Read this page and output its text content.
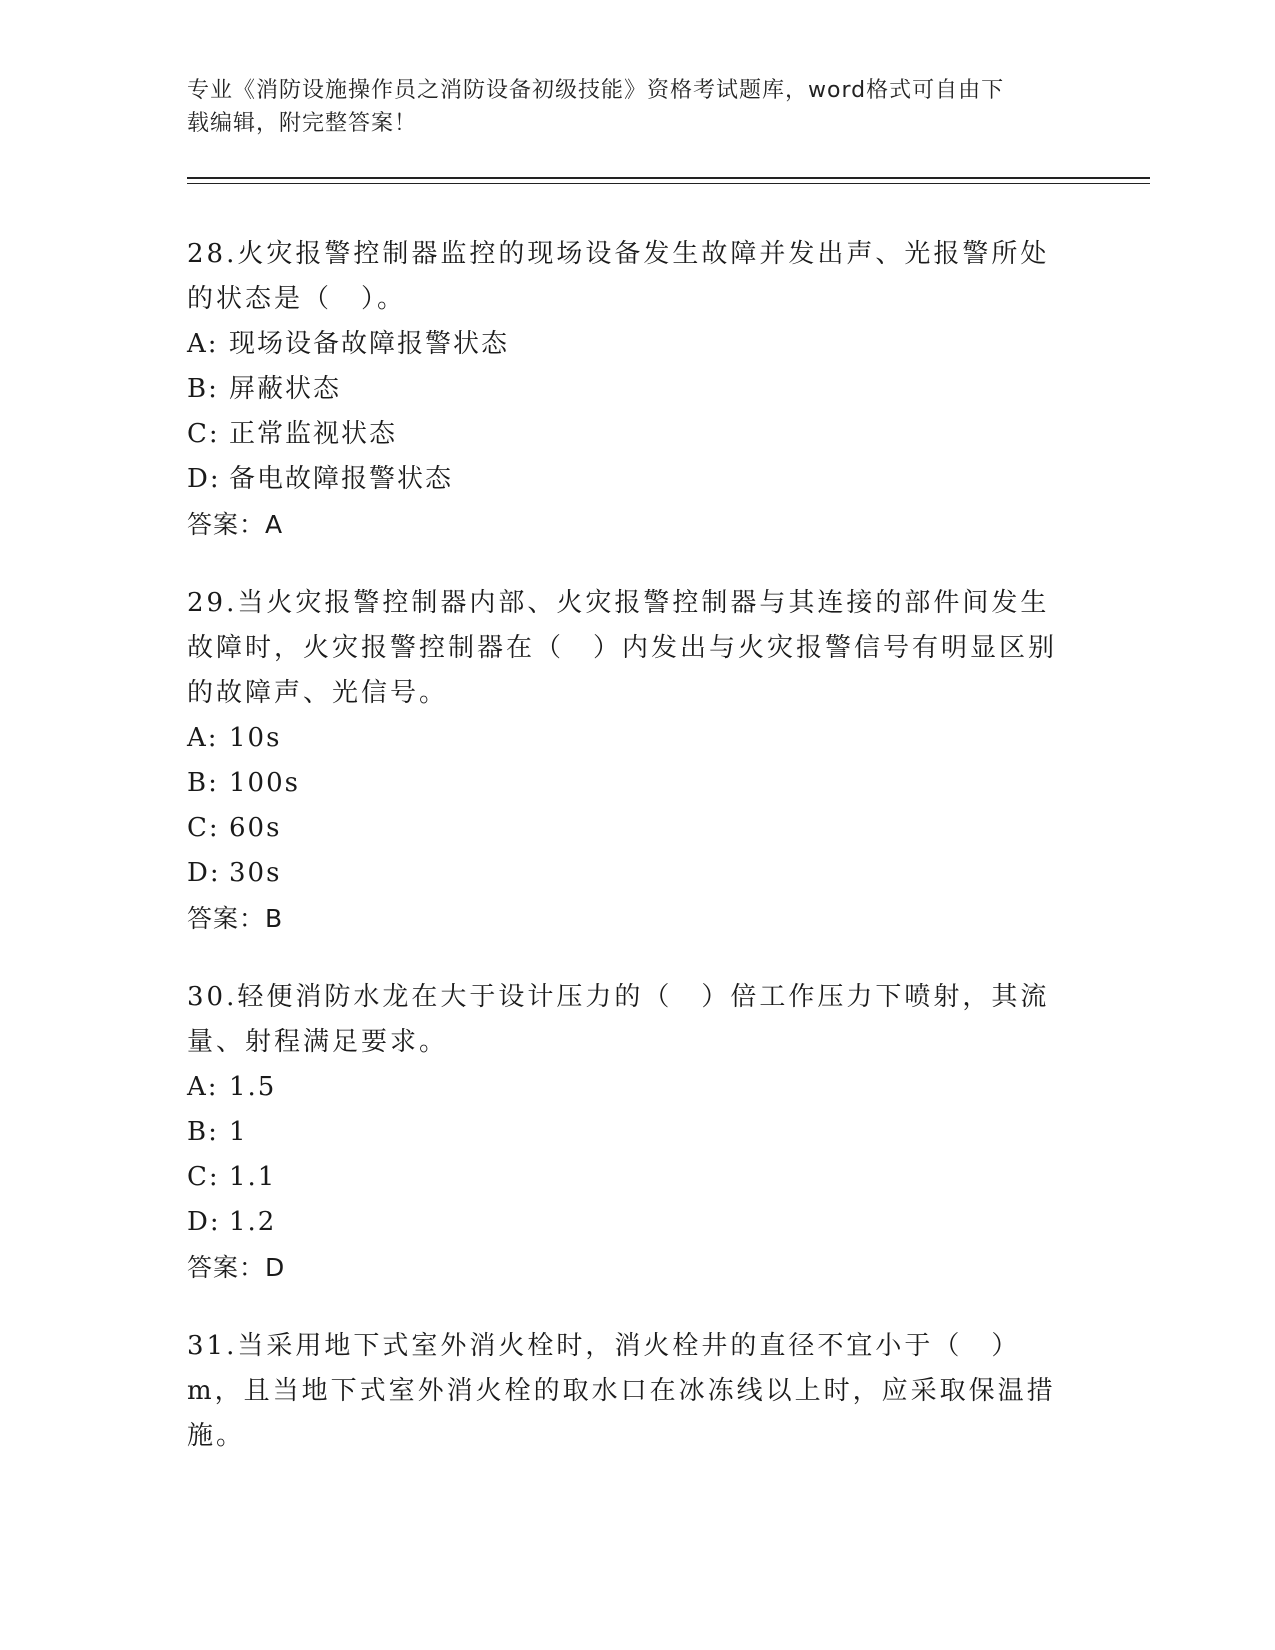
专业《消防设施操作员之消防设备初级技能》资格考试题库，word格式可自由下
载编辑，附完整答案！

28.火灾报警控制器监控的现场设备发生故障并发出声、光报警所处的状态是（　）。

A: 现场设备故障报警状态

B: 屏蔽状态

C: 正常监视状态

D: 备电故障报警状态

答案：A

29.当火灾报警控制器内部、火灾报警控制器与其连接的部件间发生故障时，火灾报警控制器在（　）内发出与火灾报警信号有明显区别的故障声、光信号。

A: 10s

B: 100s

C: 60s

D: 30s

答案：B

30.轻便消防水龙在大于设计压力的（　）倍工作压力下喷射，其流量、射程满足要求。

A: 1.5

B: 1

C: 1.1

D: 1.2

答案：D

31.当采用地下式室外消火栓时，消火栓井的直径不宜小于（　）m，且当地下式室外消火栓的取水口在冰冻线以上时，应采取保温措施。
